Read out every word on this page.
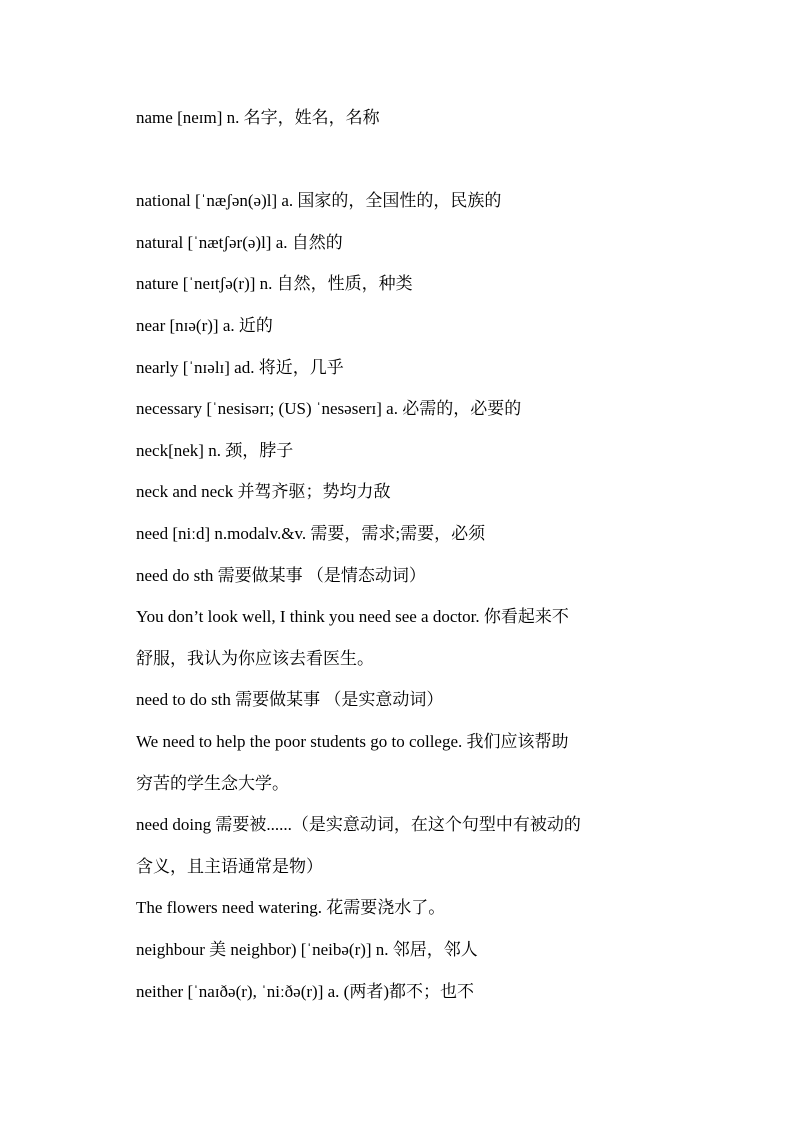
name [neɪm] n. 名字，姓名，名称
national [ˈnæʃən(ə)l] a. 国家的，全国性的，民族的
natural [ˈnætʃər(ə)l] a. 自然的
nature [ˈneɪtʃə(r)] n. 自然，性质，种类
near [nɪə(r)] a. 近的
nearly [ˈnɪəlɪ] ad. 将近，几乎
necessary [ˈnesisərɪ; (US) ˈnesəserɪ] a. 必需的，必要的
neck[nek] n. 颈，脖子
neck and neck 并驾齐驱；势均力敌
need [niːd] n.modalv.&v. 需要，需求;需要，必须
need do sth 需要做某事 （是情态动词）
You don’t look well, I think you need see a doctor. 你看起来不
舒服，我认为你应该去看医生。
need to do sth 需要做某事 （是实意动词）
We need to help the poor students go to college. 我们应该帮助
穷苦的学生念大学。
need doing 需要被......（是实意动词，在这个句型中有被动的
含义，且主语通常是物）
The flowers need watering. 花需要浇水了。
neighbour 美 neighbor) [ˈneibə(r)] n. 邻居，邻人
neither [ˈnaɪðə(r), ˈniːðə(r)] a. (两者)都不；也不
